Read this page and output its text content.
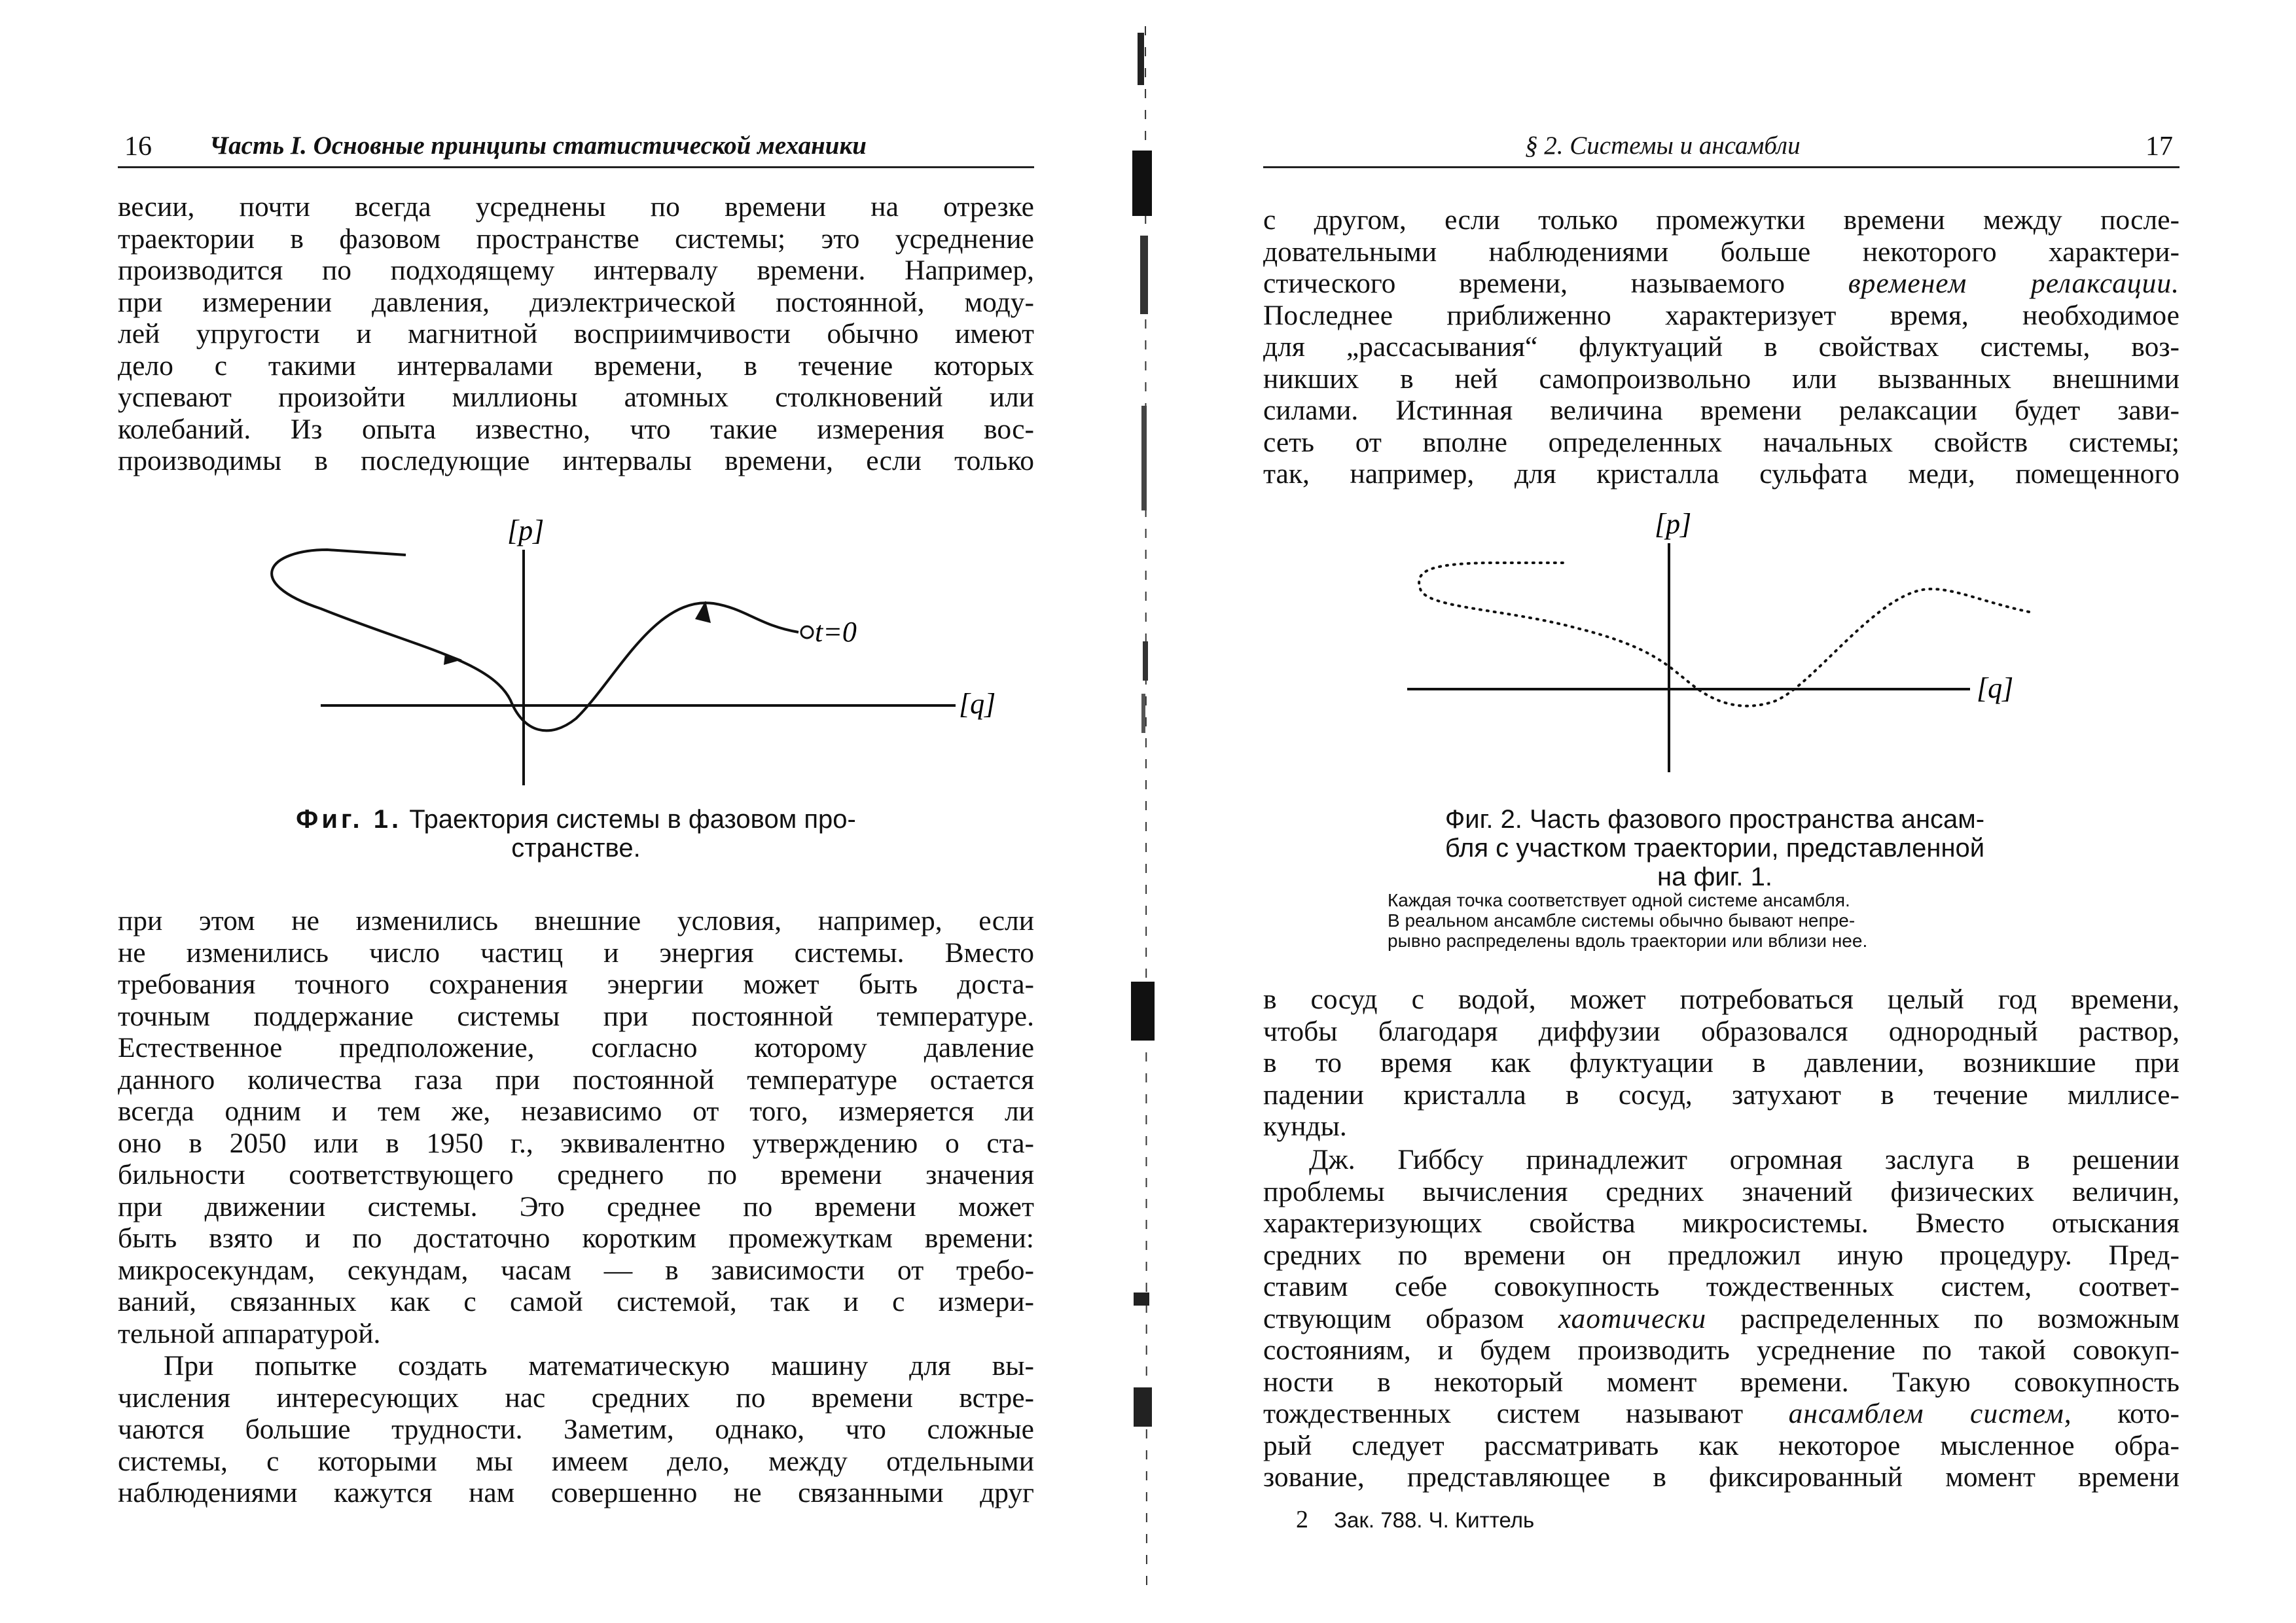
16 Часть I. Основные принципы статистической механики
весии, почти всегда усреднены по времени на отрезке
траектории в фазовом пространстве системы; это усреднение
производится по подходящему интервалу времени. Например,
при измерении давления, диэлектрической постоянной, моду-
лей упругости и магнитной восприимчивости обычно имеют
дело с такими интервалами времени, в течение которых
успевают произойти миллионы атомных столкновений или
колебаний. Из опыта известно, что такие измерения вос-
производимы в последующие интервалы времени, если только
[p]
[q]
t=0
Фиг. 1. Траектория системы в фазовом про-
странстве.
при этом не изменились внешние условия, например, если
не изменились число частиц и энергия системы. Вместо
требования точного сохранения энергии может быть доста-
точным поддержание системы при постоянной температуре.
Естественное предположение, согласно которому давление
данного количества газа при постоянной температуре остается
всегда одним и тем же, независимо от того, измеряется ли
оно в 2050 или в 1950 г., эквивалентно утверждению о ста-
бильности соответствующего среднего по времени значения
при движении системы. Это среднее по времени может
быть взято и по достаточно коротким промежуткам времени:
микросекундам, секундам, часам — в зависимости от требо-
ваний, связанных как с самой системой, так и с измери-
тельной аппаратурой.
При попытке создать математическую машину для вы-
числения интересующих нас средних по времени встре-
чаются большие трудности. Заметим, однако, что сложные
системы, с которыми мы имеем дело, между отдельными
наблюдениями кажутся нам совершенно не связанными друг
§ 2. Системы и ансамбли	17
с другом, если только промежутки времени между после-
довательными наблюдениями больше некоторого характери-
стического времени, называемого временем релаксации.
Последнее приближенно характеризует время, необходимое
для „рассасывания“ флуктуаций в свойствах системы, воз-
никших в ней самопроизвольно или вызванных внешними
силами. Истинная величина времени релаксации будет зави-
сеть от вполне определенных начальных свойств системы;
так, например, для кристалла сульфата меди, помещенного
[p]
[q]
Фиг. 2. Часть фазового пространства ансам-
бля с участком траектории, представленной
на фиг. 1.
Каждая точка соответствует одной системе ансамбля.
В реальном ансамбле системы обычно бывают непре-
рывно распределены вдоль траектории или вблизи нее.
в сосуд с водой, может потребоваться целый год времени,
чтобы благодаря диффузии образовался однородный раствор,
в то время как флуктуации в давлении, возникшие при
падении кристалла в сосуд, затухают в течение миллисе-
кунды.
Дж. Гиббсу принадлежит огромная заслуга в решении
проблемы вычисления средних значений физических величин,
характеризующих свойства микросистемы. Вместо отыскания
средних по времени он предложил иную процедуру. Пред-
ставим себе совокупность тождественных систем, соответ-
ствующим образом хаотически распределенных по возможным
состояниям, и будем производить усреднение по такой совокуп-
ности в некоторый момент времени. Такую совокупность
тождественных систем называют ансамблем систем, кото-
рый следует рассматривать как некоторое мысленное обра-
зование, представляющее в фиксированный момент времени
2 Зак. 788. Ч. Киттель
